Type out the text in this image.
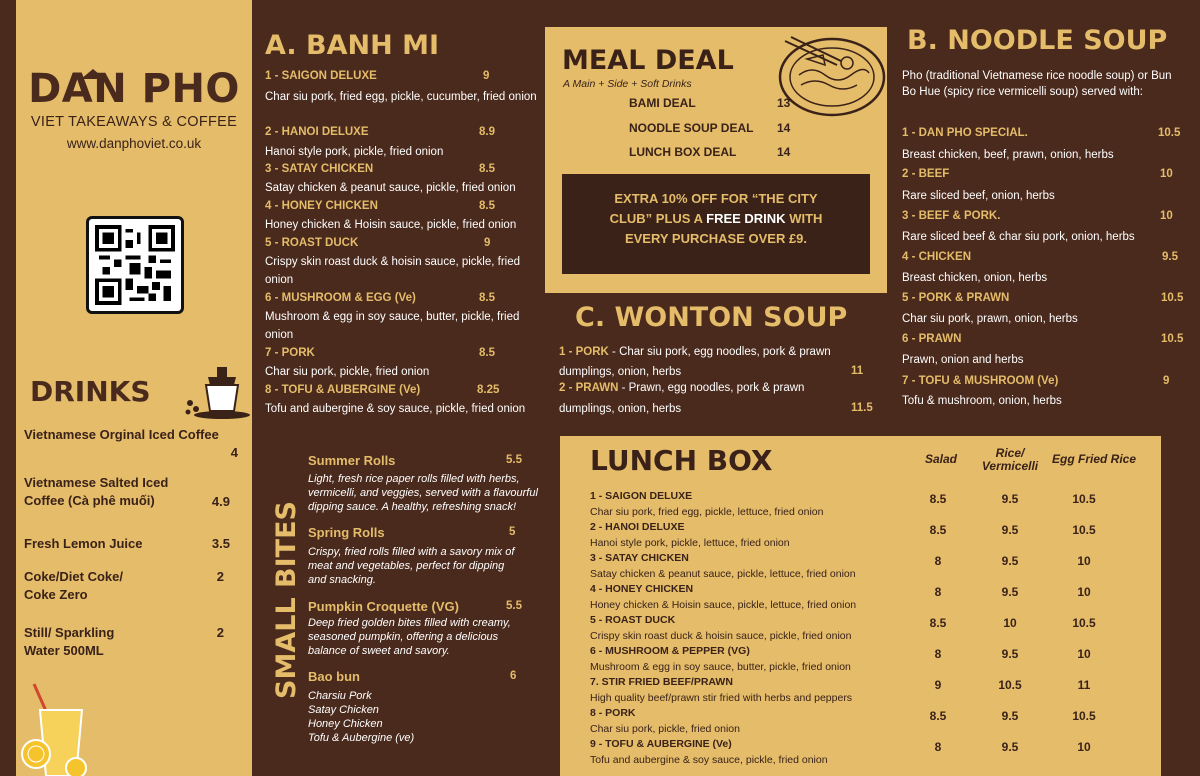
DAN PHO
VIET TAKEAWAYS & COFFEE
www.danphoviet.co.uk
DRINKS
Vietnamese Orginal Iced Coffee
4
Vietnamese Salted Iced Coffee (Cà phê muối)	4.9
Fresh Lemon Juice	3.5
Coke/Diet Coke/ Coke Zero
2
Still/ Sparkling Water 500ML
2
A. BANH MI
1 - SAIGON DELUXE	9
Char siu pork, fried egg, pickle, cucumber, fried onion
2 - HANOI DELUXE	8.9
Hanoi style pork, pickle, fried onion
3 - SATAY CHICKEN	8.5
Satay chicken & peanut sauce, pickle, fried onion
4 - HONEY CHICKEN	8.5
Honey chicken & Hoisin sauce, pickle, fried onion
5 - ROAST DUCK	9
Crispy skin roast duck & hoisin sauce, pickle, fried onion
6 - MUSHROOM & EGG (Ve)	8.5
Mushroom & egg in soy sauce, butter, pickle, fried onion
7 - PORK	8.5
Char siu pork, pickle, fried onion
8 - TOFU & AUBERGINE (Ve)	8.25
Tofu and aubergine & soy sauce, pickle, fried onion
MEAL DEAL
A Main + Side + Soft Drinks
BAMI DEAL	13
NOODLE SOUP DEAL 14
LUNCH BOX DEAL	14
EXTRA 10% OFF FOR “THE CITY
CLUB” PLUS A FREE DRINK WITH
EVERY PURCHASE OVER £9.
B. NOODLE SOUP
Pho (traditional Vietnamese rice noodle soup) or Bun Bo Hue (spicy rice vermicelli soup) served with:
1 - DAN PHO SPECIAL.	10.5
Breast chicken, beef, prawn, onion, herbs
2 - BEEF	10
Rare sliced beef, onion, herbs
3 - BEEF & PORK.	10
Rare sliced beef & char siu pork, onion, herbs
4 - CHICKEN	9.5
Breast chicken, onion, herbs
5 - PORK & PRAWN	10.5
Char siu pork, prawn, onion, herbs
6 - PRAWN	10.5
Prawn, onion and herbs
7 - TOFU & MUSHROOM (Ve)	9
Tofu & mushroom, onion, herbs
C. WONTON SOUP
1 - PORK - Char siu pork, egg noodles, pork & prawn
dumplings, onion, herbs	11
2 - PRAWN - Prawn, egg noodles, pork & prawn
dumplings, onion, herbs	11.5
SMALL BITES
Summer Rolls	5.5
Light, fresh rice paper rolls filled with herbs, vermicelli, and veggies, served with a flavourful dipping sauce. A healthy, refreshing snack!
Spring Rolls	5
Crispy, fried rolls filled with a savory mix of meat and vegetables, perfect for dipping and snacking.
Pumpkin Croquette (VG)	5.5
Deep fried golden bites filled with creamy, seasoned pumpkin, offering a delicious balance of sweet and savory.
Bao bun	6
Charsiu Pork
Satay Chicken
Honey Chicken
Tofu & Aubergine (ve)
LUNCH BOX	Salad	Rice/ Vermicelli	Egg Fried Rice
1 - SAIGON DELUXE
Char siu pork, fried egg, pickle, lettuce, fried onion
8.5	9.5	10.5
2 - HANOI DELUXE
Hanoi style pork, pickle, lettuce, fried onion
8.5	9.5	10.5
3 - SATAY CHICKEN
Satay chicken & peanut sauce, pickle, lettuce, fried onion
8	9.5	10
4 - HONEY CHICKEN
Honey chicken & Hoisin sauce, pickle, lettuce, fried onion
8	9.5	10
5 - ROAST DUCK
Crispy skin roast duck & hoisin sauce, pickle, fried onion
8.5	10	10.5
6 - MUSHROOM & PEPPER (VG)
Mushroom & egg in soy sauce, butter, pickle, fried onion
8	9.5	10
7. STIR FRIED BEEF/PRAWN
High quality beef/prawn stir fried with herbs and peppers
9	10.5	11
8 - PORK
Char siu pork, pickle, fried onion
8.5	9.5	10.5
9 - TOFU & AUBERGINE (Ve)
Tofu and aubergine & soy sauce, pickle, fried onion
8	9.5	10
